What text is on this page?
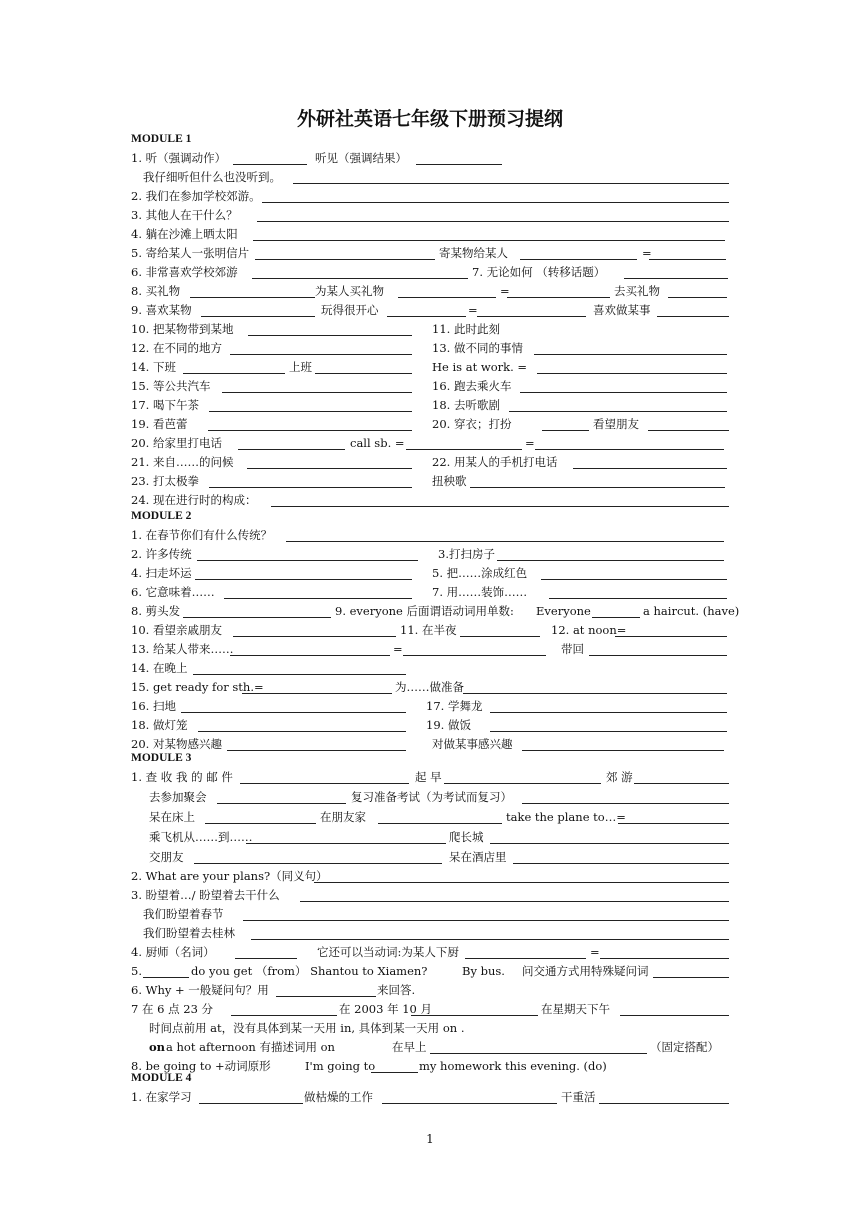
外研社英语七年级下册预习提纲
MODULE 1
1. 听（强调动作）	听见（强调结果）
我仔细听但什么也没听到。
2. 我们在参加学校郊游。
3. 其他人在干什么？
4. 躺在沙滩上晒太阳
5. 寄给某人一张明信片	寄某物给某人	=
6. 非常喜欢学校郊游	7. 无论如何 （转移话题）
8. 买礼物	为某人买礼物	=	去买礼物
9. 喜欢某物	玩得很开心	=	喜欢做某事
10. 把某物带到某地	11. 此时此刻
12. 在不同的地方	13. 做不同的事情
14. 下班	上班	He is at work. =
15. 等公共汽车	16. 跑去乘火车
17. 喝下午茶	18. 去听歌剧
19. 看芭蕾	20. 穿衣；打扮	看望朋友
20. 给家里打电话	call sb. =	=
21. 来自……的问候	22. 用某人的手机打电话
23. 打太极拳	扭秧歌
24. 现在进行时的构成：
MODULE 2
1. 在春节你们有什么传统？
2. 许多传统	3.打扫房子
4. 扫走坏运	5. 把……涂成红色
6. 它意味着……	7. 用……装饰……
8. 剪头发	9. everyone 后面谓语动词用单数: Everyone	a haircut. (have)
10. 看望亲戚朋友	11. 在半夜	12. at noon=
13. 给某人带来……	=	带回
14. 在晚上
15. get ready for sth.=	为……做准备
16. 扫地	17. 学舞龙
18. 做灯笼	19. 做饭
20. 对某物感兴趣	对做某事感兴趣
MODULE 3
1. 查 收 我 的 邮 件	起 早	郊 游
去参加聚会	复习准备考试（为考试而复习）
呆在床上	在朋友家	take the plane to…=
乘飞机从……到……	爬长城
交朋友	呆在酒店里
2. What are your plans?（同义句）
3. 盼望着…/ 盼望着去干什么
我们盼望着春节
我们盼望着去桂林
4. 厨师（名词）	它还可以当动词:为某人下厨	=
5.	do you get （from） Shantou to Xiamen?	By bus. 问交通方式用特殊疑问词
6. Why + 一般疑问句？用	来回答.
7 在 6 点 23 分	在 2003 年 10 月	在星期天下午
时间点前用 at，没有具体到某一天用 in, 具体到某一天用 on .
on a hot afternoon 有描述词用 on	在早上	（固定搭配）
8. be going to +动词原形	I'm going to	my homework this evening. (do)
MODULE 4
1. 在家学习	做枯燥的工作	干重活
1
